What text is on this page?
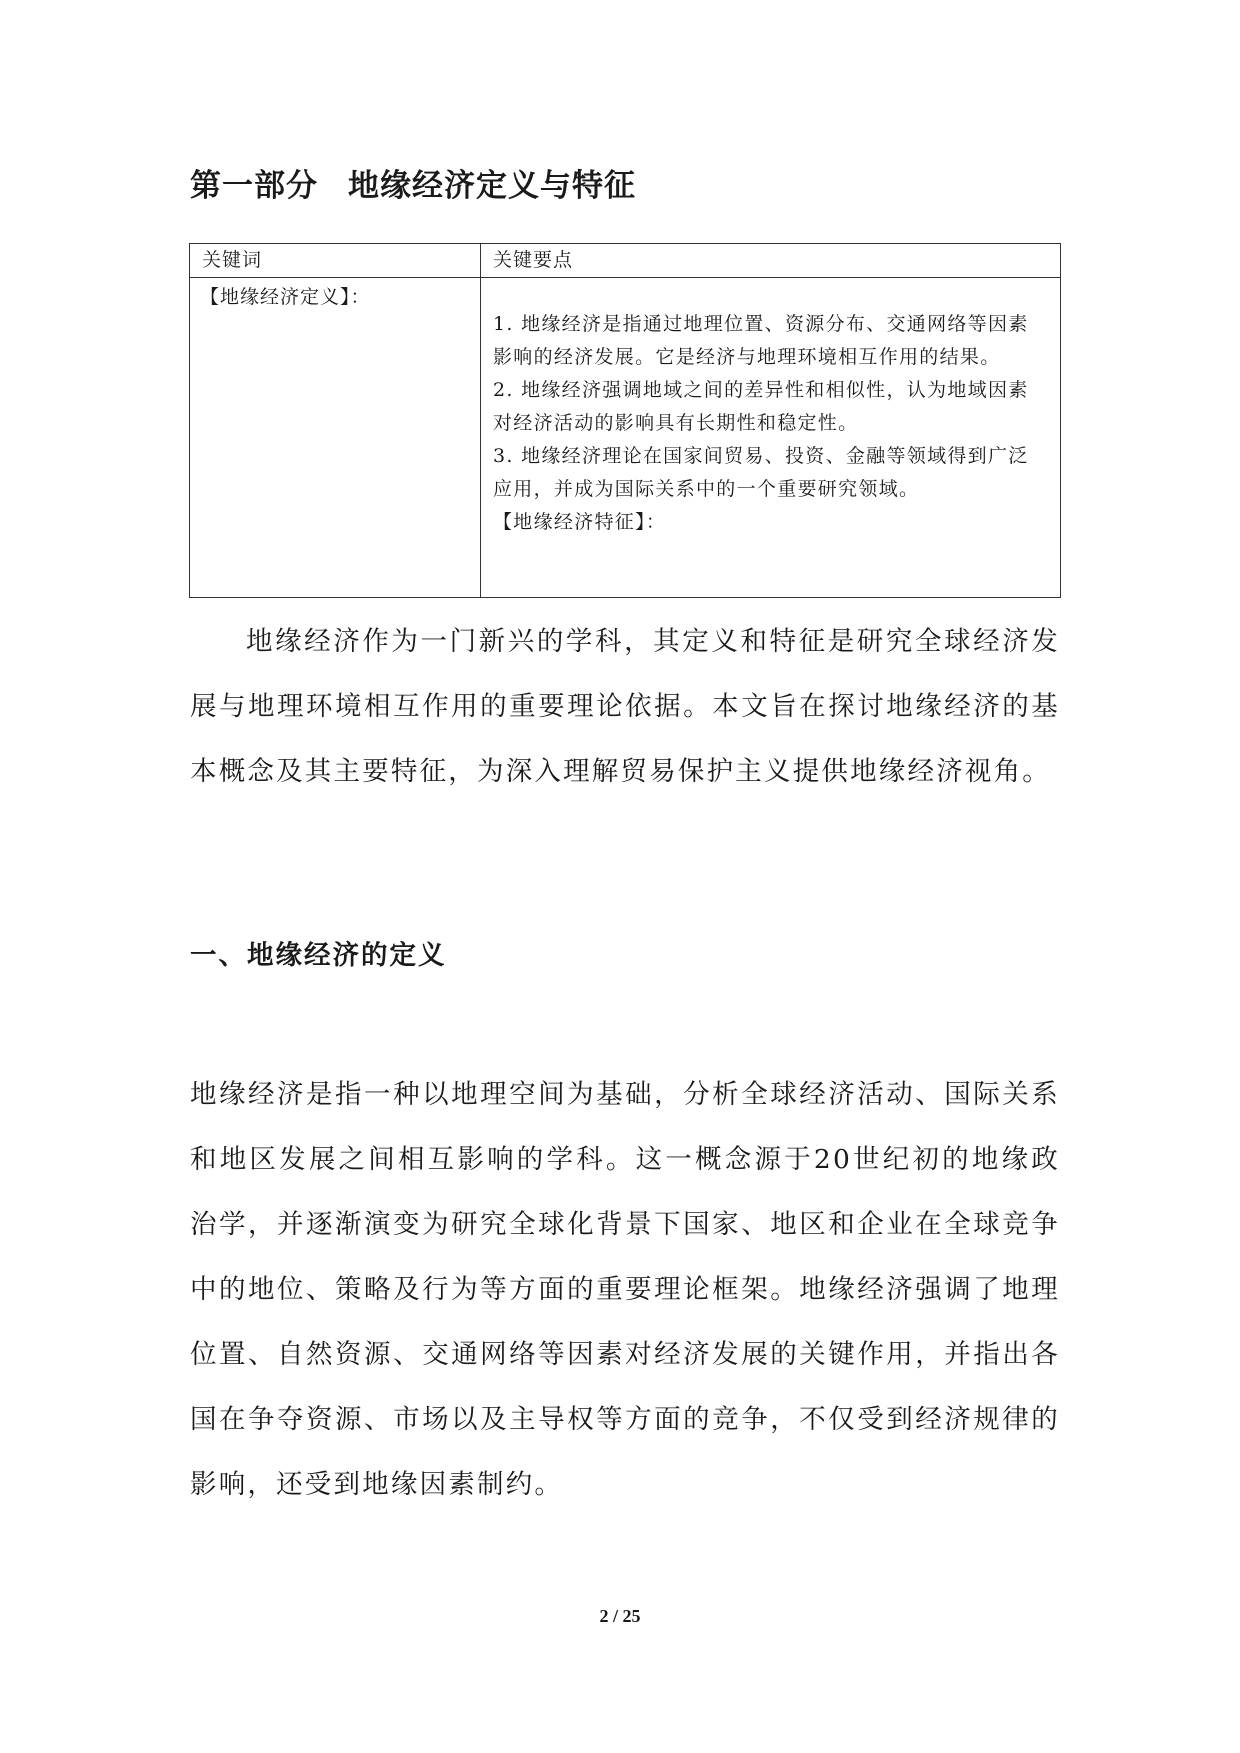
第一部分 地缘经济定义与特征
关键词	关键要点

【地缘经济定义】：	1. 地缘经济是指通过地理位置、资源分布、交通网络等因素影响的经济发展。它是经济与地理环境相互作用的结果。

2. 地缘经济强调地域之间的差异性和相似性，认为地域因素对经济活动的影响具有长期性和稳定性。

3. 地缘经济理论在国家间贸易、投资、金融等领域得到广泛应用，并成为国际关系中的一个重要研究领域。

【地缘经济特征】：

地缘经济作为一门新兴的学科，其定义和特征是研究全球经济发展与地理环境相互作用的重要理论依据。本文旨在探讨地缘经济的基本概念及其主要特征，为深入理解贸易保护主义提供地缘经济视角。

一、地缘经济的定义

地缘经济是指一种以地理空间为基础，分析全球经济活动、国际关系和地区发展之间相互影响的学科。这一概念源于20世纪初的地缘政治学，并逐渐演变为研究全球化背景下国家、地区和企业在全球竞争中的地位、策略及行为等方面的重要理论框架。地缘经济强调了地理位置、自然资源、交通网络等因素对经济发展的关键作用，并指出各国在争夺资源、市场以及主导权等方面的竞争，不仅受到经济规律的影响，还受到地缘因素制约。

2 / 25
